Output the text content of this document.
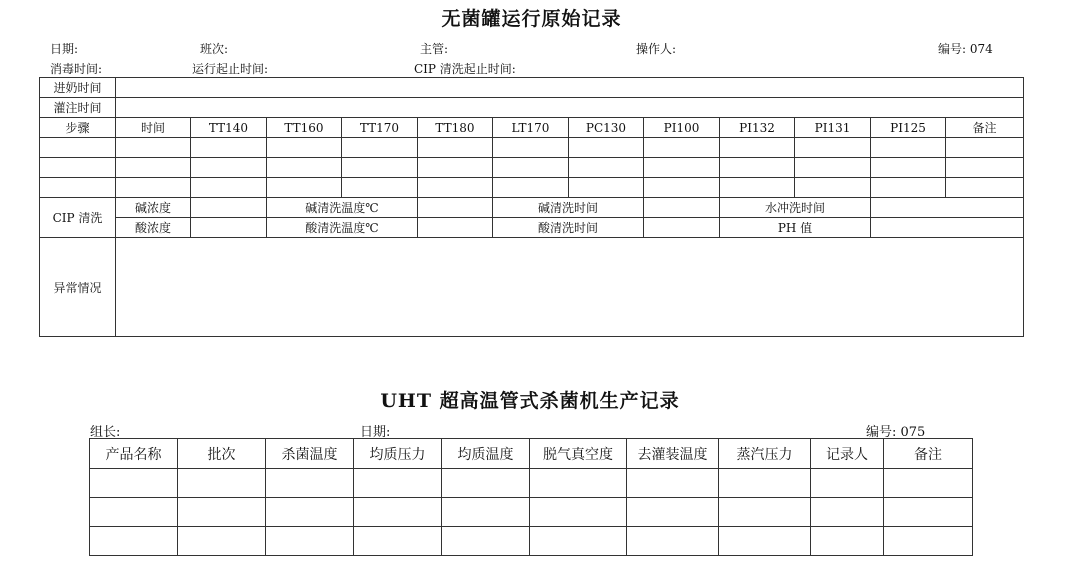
无菌罐运行原始记录
日期:	班次:	主管:	操作人:	编号: 074
消毒时间:	运行起止时间:	CIP 清洗起止时间:
进奶时间												
灌注时间												
步骤	时间	TT140	TT160	TT170	TT180	LT170	PC130	PI100	PI132	PI131	PI125	备注

CIP 清洗	碱浓度		碱清洗温度℃			碱清洗时间			水冲洗时间			
	酸浓度		酸清洗温度℃			酸清洗时间			PH 值			
异常情况												
UHT 超高温管式杀菌机生产记录
组长:	日期:	编号: 075
产品名称	批次	杀菌温度	均质压力	均质温度	脱气真空度	去灌装温度	蒸汽压力	记录人	备注
